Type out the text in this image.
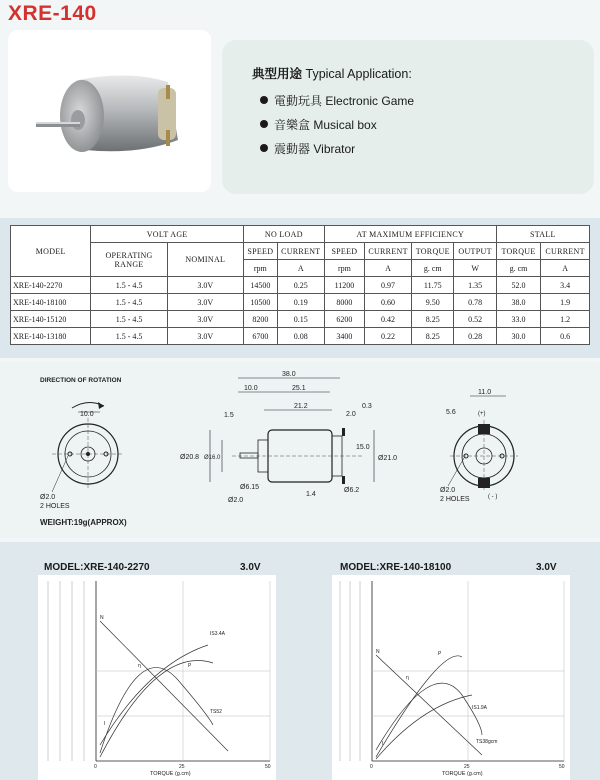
XRE-140
典型用途 Typical Application:
電動玩具 Electronic Game
音樂盒 Musical box
震動器 Vibrator
MODEL	VOLT AGE		NO LOAD		AT MAXIMUM EFFICIENCY				STALL	
	OPERATING
RANGE	NOMINAL	SPEED	CURRENT	SPEED	CURRENT	TORQUE	OUTPUT	TORQUE	CURRENT
			rpm	A	rpm	A	g. cm	W	g. cm	A
XRE-140-2270	1.5 - 4.5	3.0V	14500	0.25	11200	0.97	11.75	1.35	52.0	3.4
XRE-140-18100	1.5 - 4.5	3.0V	10500	0.19	8000	0.60	9.50	0.78	38.0	1.9
XRE-140-15120	1.5 - 4.5	3.0V	8200	0.15	6200	0.42	8.25	0.52	33.0	1.2
XRE-140-13180	1.5 - 4.5	3.0V	6700	0.08	3400	0.22	8.25	0.28	30.0	0.6
DIRECTION OF ROTATION
10.0
Ø2.0
2 HOLES
WEIGHT:19g(APPROX)
38.0
10.0	25.1
1.5
21.2
2.0
0.3
Ø20.8 Ø16.0
15.0
Ø21.0
Ø6.15
Ø2.0
1.4
Ø6.2
11.0
5.6	(+)
( - )
Ø2.0
2 HOLES
MODEL:XRE-140-2270	3.0V
N
IS3.4A
P
η
TS52
I
0	25	50
TORQUE (g.cm)
MODEL:XRE-140-18100	3.0V
N	P
η
IS1.9A
TS38gcm
I
0	25	50
TORQUE (g.cm)
